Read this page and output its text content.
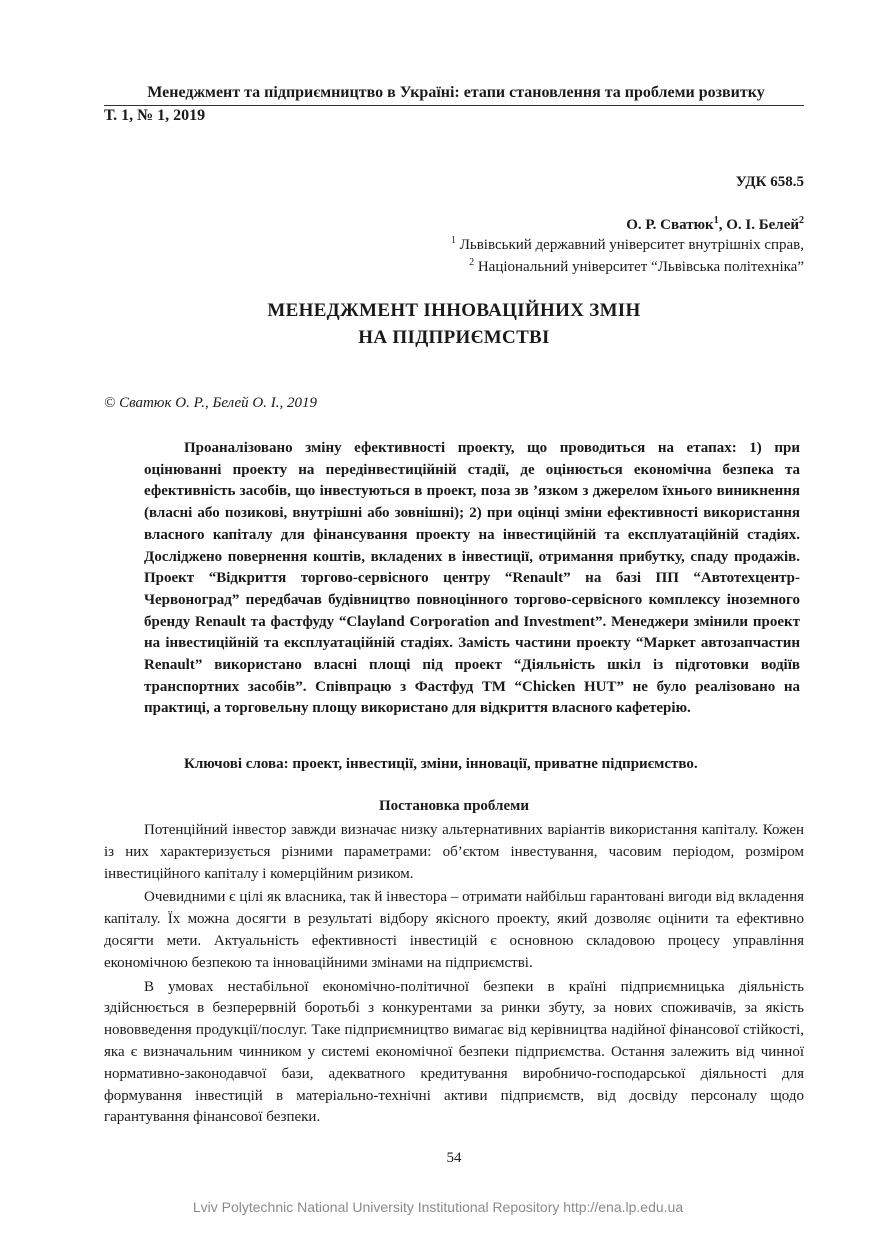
Менеджмент та підприємництво в Україні: етапи становлення та проблеми розвитку
Т. 1, № 1, 2019
УДК 658.5
О. Р. Сватюк$^1$, О. І. Белей$^2$
$^1$ Львівський державний університет внутрішніх справ,
$^2$ Національний університет “Львівська політехніка”
МЕНЕДЖМЕНТ ІННОВАЦІЙНИХ ЗМІН
НА ПІДПРИЄМСТВІ
© Сватюк О. Р., Белей О. І., 2019

Проаналізовано зміну ефективності проекту, що проводиться на етапах: 1) при оцінюванні проекту на передінвестиційній стадії, де оцінюється економічна безпека та ефективність засобів, що інвестуються в проект, поза зв ’язком з джерелом їхнього виникнення (власні або позикові, внутрішні або зовнішні); 2) при оцінці зміни ефективності використання власного капіталу для фінансування проекту на інвестиційній та експлуатаційній стадіях. Досліджено повернення коштів, вкладених в інвестиції, отримання прибутку, спаду продажів. Проект “Відкриття торгово-сервісного центру “Renault” на базі ПП “Автотехцентр-Червоноград” передбачав будівництво повноцінного торгово-сервісного комплексу іноземного бренду Renault та фастфуду “Clayland Corporation and Investment”. Менеджери змінили проект на інвестиційній та експлуатаційній стадіях. Замість частини проекту “Маркет автозапчастин Renault” використано власні площі під проект “Діяльність шкіл із підготовки водіїв транспортних засобів”. Співпрацю з Фастфуд ТМ “Chicken HUT” не було реалізовано на практиці, а торговельну площу використано для відкриття власного кафетерію.

Ключові слова: проект, інвестиції, зміни, інновації, приватне підприємство.
Постановка проблеми

Потенційний інвестор завжди визначає низку альтернативних варіантів використання капіталу. Кожен із них характеризується різними параметрами: об’єктом інвестування, часовим періодом, розміром інвестиційного капіталу і комерційним ризиком.

Очевидними є цілі як власника, так й інвестора – отримати найбільш гарантовані вигоди від вкладення капіталу. Їх можна досягти в результаті відбору якісного проекту, який дозволяє оцінити та ефективно досягти мети. Актуальність ефективності інвестицій є основною складовою процесу управління економічною безпекою та інноваційними змінами на підприємстві.

В умовах нестабільної економічно-політичної безпеки в країні підприємницька діяльність здійснюється в безперервній боротьбі з конкурентами за ринки збуту, за нових споживачів, за якість нововведення продукції/послуг. Таке підприємництво вимагає від керівництва надійної фінансової стійкості, яка є визначальним чинником у системі економічної безпеки підприємства. Остання залежить від чинної нормативно-законодавчої бази, адекватного кредитування виробничо-господарської діяльності для формування інвестицій в матеріально-технічні активи підприємств, від досвіду персоналу щодо гарантування фінансової безпеки.

54
Lviv Polytechnic National University Institutional Repository http://ena.lp.edu.ua
